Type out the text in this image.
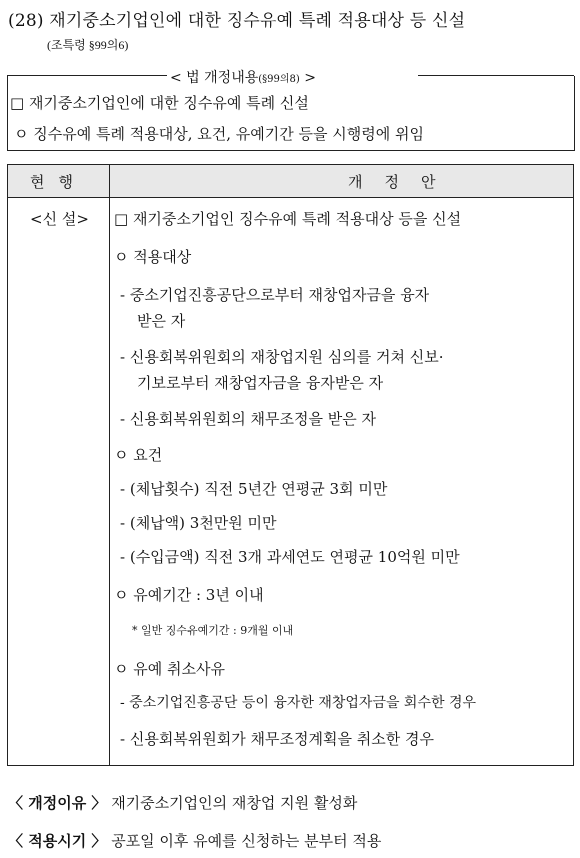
(28) 재기중소기업인에 대한 징수유예 특례 적용대상 등 신설
(조특령 §99의6)
< 법 개정내용(§99의8) >
□ 재기중소기업인에 대한 징수유예 특례 신설
ㅇ 징수유예 특례 적용대상, 요건, 유예기간 등을 시행령에 위임
현행	개정안
<신 설> □ 재기중소기업인 징수유예 특례 적용대상 등을 신설
ㅇ 적용대상
- 중소기업진흥공단으로부터 재창업자금을 융자
받은 자
- 신용회복위원회의 재창업지원 심의를 거쳐 신보·
기보로부터 재창업자금을 융자받은 자
- 신용회복위원회의 채무조정을 받은 자
ㅇ 요건
- (체납횟수) 직전 5년간 연평균 3회 미만
- (체납액) 3천만원 미만
- (수입금액) 직전 3개 과세연도 연평균 10억원 미만
ㅇ 유예기간 : 3년 이내
* 일반 징수유예기간 : 9개월 이내
ㅇ 유예 취소사유
- 중소기업진흥공단 등이 융자한 재창업자금을 회수한 경우
- 신용회복위원회가 채무조정계획을 취소한 경우
〈 개정이유 〉 재기중소기업인의 재창업 지원 활성화
〈 적용시기 〉 공포일 이후 유예를 신청하는 분부터 적용
